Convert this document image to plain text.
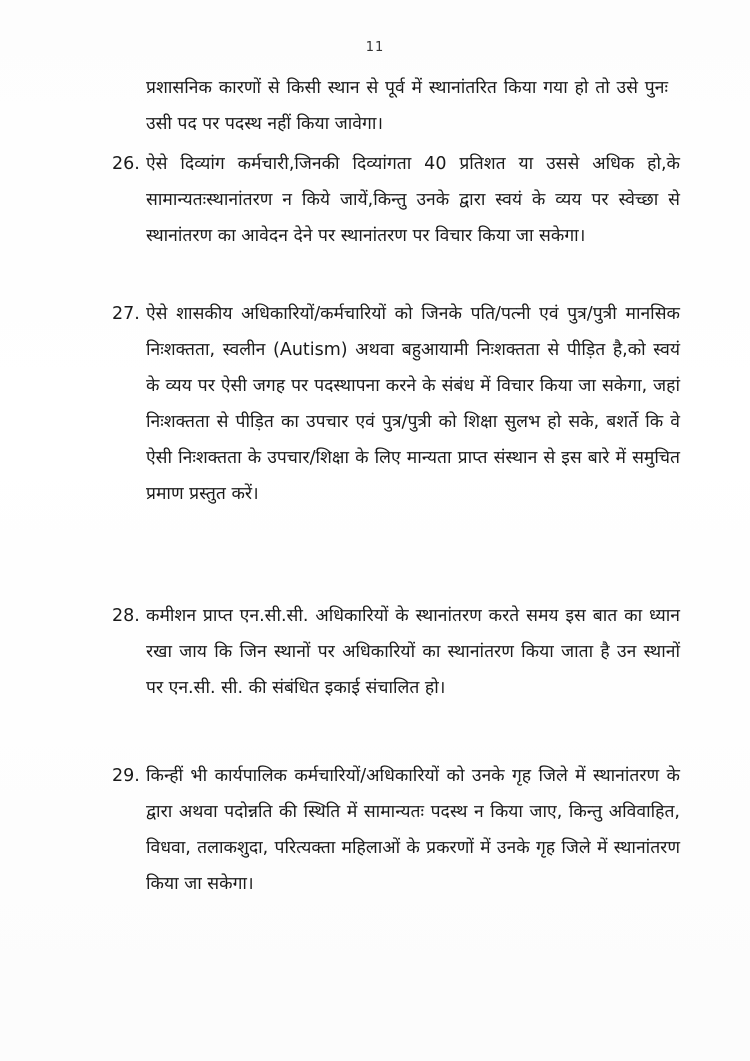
11
प्रशासनिक कारणों से किसी स्थान से पूर्व में स्थानांतरित किया गया हो तो उसे पुनः उसी पद पर पदस्थ नहीं किया जावेगा।
26. ऐसे दिव्यांग कर्मचारी,जिनकी दिव्यांगता 40 प्रतिशत या उससे अधिक हो,के सामान्यतःस्थानांतरण न किये जायें,किन्तु उनके द्वारा स्वयं के व्यय पर स्वेच्छा से स्थानांतरण का आवेदन देने पर स्थानांतरण पर विचार किया जा सकेगा।
27. ऐसे शासकीय अधिकारियों/कर्मचारियों को जिनके पति/पत्नी एवं पुत्र/पुत्री मानसिक निःशक्तता, स्वलीन (Autism) अथवा बहुआयामी निःशक्तता से पीड़ित है,को स्वयं के व्यय पर ऐसी जगह पर पदस्थापना करने के संबंध में विचार किया जा सकेगा, जहां निःशक्तता से पीड़ित का उपचार एवं पुत्र/पुत्री को शिक्षा सुलभ हो सके, बशर्ते कि वे ऐसी निःशक्तता के उपचार/शिक्षा के लिए मान्यता प्राप्त संस्थान से इस बारे में समुचित प्रमाण प्रस्तुत करें।
28. कमीशन प्राप्त एन.सी.सी. अधिकारियों के स्थानांतरण करते समय इस बात का ध्यान रखा जाय कि जिन स्थानों पर अधिकारियों का स्थानांतरण किया जाता है उन स्थानों पर एन.सी. सी. की संबंधित इकाई संचालित हो।
29. किन्हीं भी कार्यपालिक कर्मचारियों/अधिकारियों को उनके गृह जिले में स्थानांतरण के द्वारा अथवा पदोन्नति की स्थिति में सामान्यतः पदस्थ न किया जाए, किन्तु अविवाहित, विधवा, तलाकशुदा, परित्यक्ता महिलाओं के प्रकरणों में उनके गृह जिले में स्थानांतरण किया जा सकेगा।
